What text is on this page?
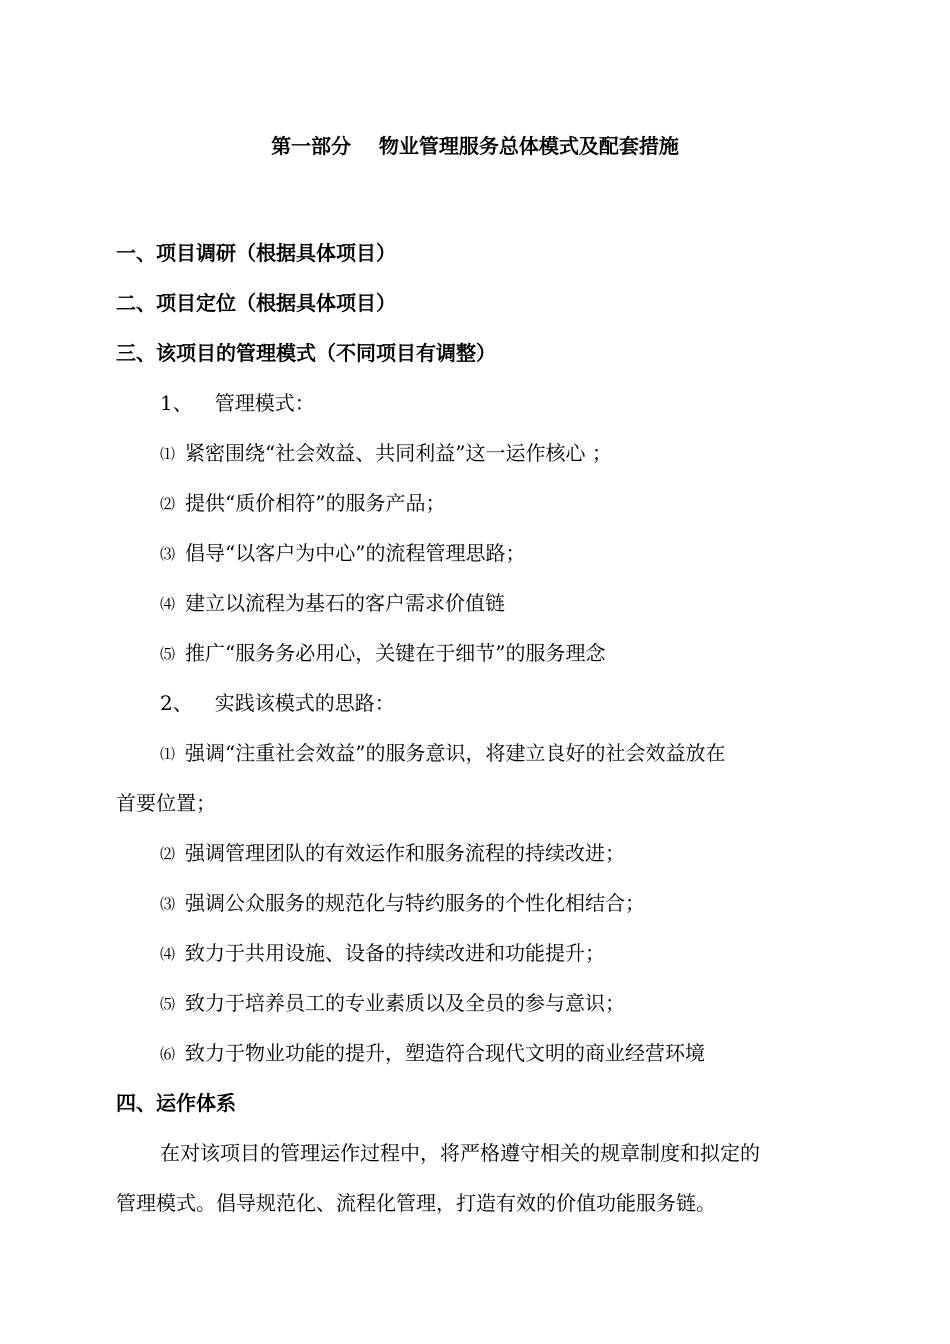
第一部分    物业管理服务总体模式及配套措施
一、项目调研（根据具体项目）
二、项目定位（根据具体项目）
三、该项目的管理模式（不同项目有调整）
1、 管理模式：
⑴ 紧密围绕“社会效益、共同利益”这一运作核心 ；
⑵ 提供“质价相符”的服务产品；
⑶ 倡导“以客户为中心”的流程管理思路；
⑷ 建立以流程为基石的客户需求价值链
⑸ 推广“服务务必用心，关键在于细节”的服务理念
2、 实践该模式的思路：
⑴ 强调“注重社会效益”的服务意识，将建立良好的社会效益放在
首要位置；
⑵ 强调管理团队的有效运作和服务流程的持续改进；
⑶ 强调公众服务的规范化与特约服务的个性化相结合；
⑷ 致力于共用设施、设备的持续改进和功能提升；
⑸ 致力于培养员工的专业素质以及全员的参与意识；
⑹ 致力于物业功能的提升，塑造符合现代文明的商业经营环境
四、运作体系
在对该项目的管理运作过程中，将严格遵守相关的规章制度和拟定的
管理模式。倡导规范化、流程化管理，打造有效的价值功能服务链。
